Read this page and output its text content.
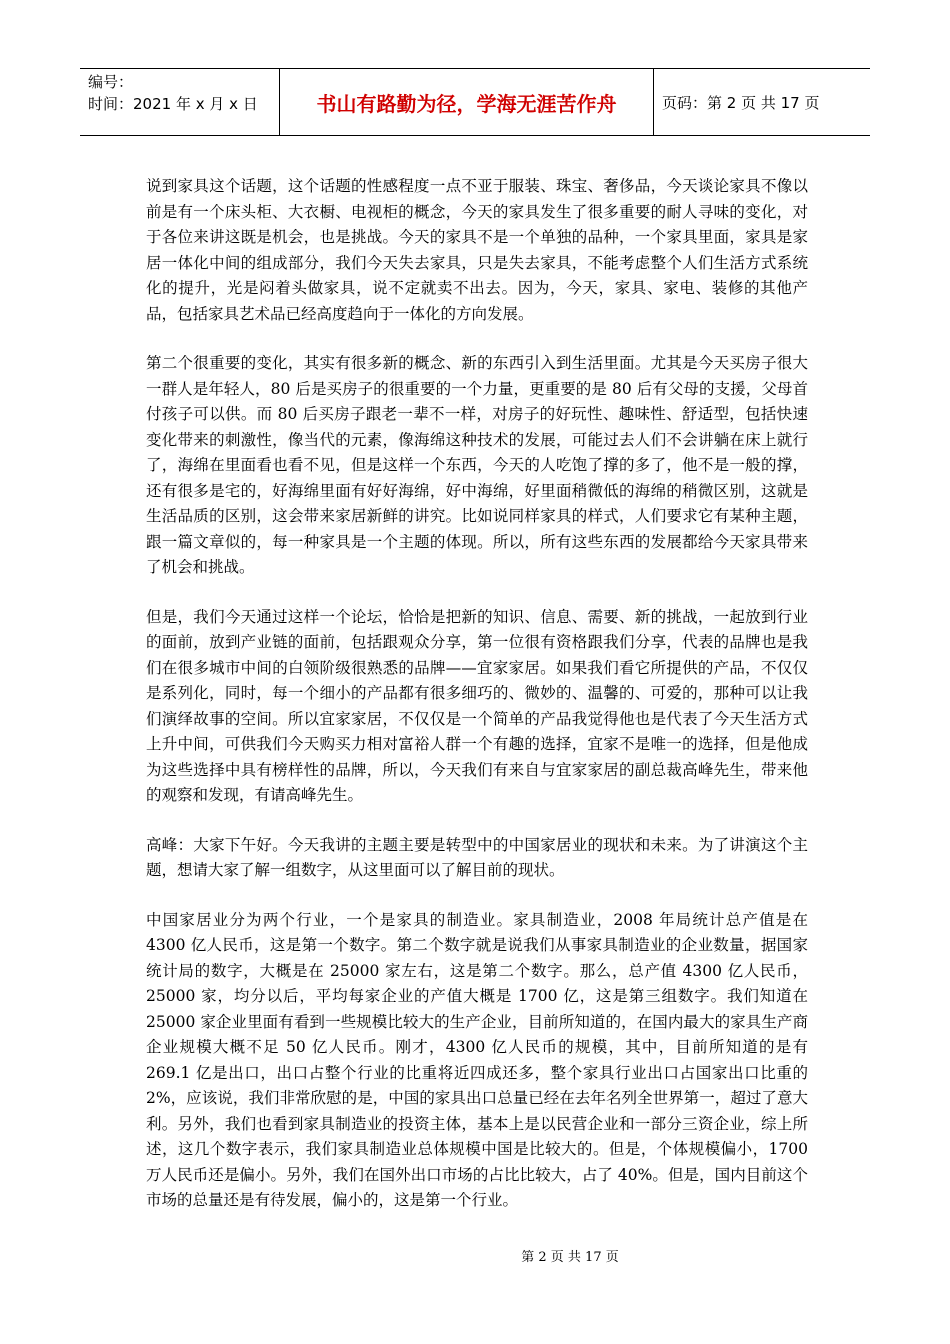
编号：
时间：2021 年 x 月 x 日	书山有路勤为径，学海无涯苦作舟	页码：第 2 页 共 17 页

说到家具这个话题，这个话题的性感程度一点不亚于服装、珠宝、奢侈品，今天谈论家具不像以前是有一个床头柜、大衣橱、电视柜的概念，今天的家具发生了很多重要的耐人寻味的变化，对于各位来讲这既是机会，也是挑战。今天的家具不是一个单独的品种，一个家具里面，家具是家居一体化中间的组成部分，我们今天失去家具，只是失去家具，不能考虑整个人们生活方式系统化的提升，光是闷着头做家具，说不定就卖不出去。因为，今天，家具、家电、装修的其他产品，包括家具艺术品已经高度趋向于一体化的方向发展。

第二个很重要的变化，其实有很多新的概念、新的东西引入到生活里面。尤其是今天买房子很大一群人是年轻人，80 后是买房子的很重要的一个力量，更重要的是 80 后有父母的支援，父母首付孩子可以供。而 80 后买房子跟老一辈不一样，对房子的好玩性、趣味性、舒适型，包括快速变化带来的刺激性，像当代的元素，像海绵这种技术的发展，可能过去人们不会讲躺在床上就行了，海绵在里面看也看不见，但是这样一个东西，今天的人吃饱了撑的多了，他不是一般的撑，还有很多是宅的，好海绵里面有好好海绵，好中海绵，好里面稍微低的海绵的稍微区别，这就是生活品质的区别，这会带来家居新鲜的讲究。比如说同样家具的样式，人们要求它有某种主题，跟一篇文章似的，每一种家具是一个主题的体现。所以，所有这些东西的发展都给今天家具带来了机会和挑战。

但是，我们今天通过这样一个论坛，恰恰是把新的知识、信息、需要、新的挑战，一起放到行业的面前，放到产业链的面前，包括跟观众分享，第一位很有资格跟我们分享，代表的品牌也是我们在很多城市中间的白领阶级很熟悉的品牌——宜家家居。如果我们看它所提供的产品，不仅仅是系列化，同时，每一个细小的产品都有很多细巧的、微妙的、温馨的、可爱的，那种可以让我们演绎故事的空间。所以宜家家居，不仅仅是一个简单的产品我觉得他也是代表了今天生活方式上升中间，可供我们今天购买力相对富裕人群一个有趣的选择，宜家不是唯一的选择，但是他成为这些选择中具有榜样性的品牌，所以，今天我们有来自与宜家家居的副总裁高峰先生，带来他的观察和发现，有请高峰先生。

高峰：大家下午好。今天我讲的主题主要是转型中的中国家居业的现状和未来。为了讲演这个主题，想请大家了解一组数字，从这里面可以了解目前的现状。

中国家居业分为两个行业，一个是家具的制造业。家具制造业，2008 年局统计总产值是在 4300 亿人民币，这是第一个数字。第二个数字就是说我们从事家具制造业的企业数量，据国家统计局的数字，大概是在 25000 家左右，这是第二个数字。那么，总产值 4300 亿人民币，25000 家，均分以后，平均每家企业的产值大概是 1700 亿，这是第三组数字。我们知道在 25000 家企业里面有看到一些规模比较大的生产企业，目前所知道的，在国内最大的家具生产商企业规模大概不足 50 亿人民币。刚才，4300 亿人民币的规模，其中，目前所知道的是有 269.1 亿是出口，出口占整个行业的比重将近四成还多，整个家具行业出口占国家出口比重的 2%，应该说，我们非常欣慰的是，中国的家具出口总量已经在去年名列全世界第一，超过了意大利。另外，我们也看到家具制造业的投资主体，基本上是以民营企业和一部分三资企业，综上所述，这几个数字表示，我们家具制造业总体规模中国是比较大的。但是，个体规模偏小，1700 万人民币还是偏小。另外，我们在国外出口市场的占比比较大，占了 40%。但是，国内目前这个市场的总量还是有待发展，偏小的，这是第一个行业。

第 2 页 共 17 页
